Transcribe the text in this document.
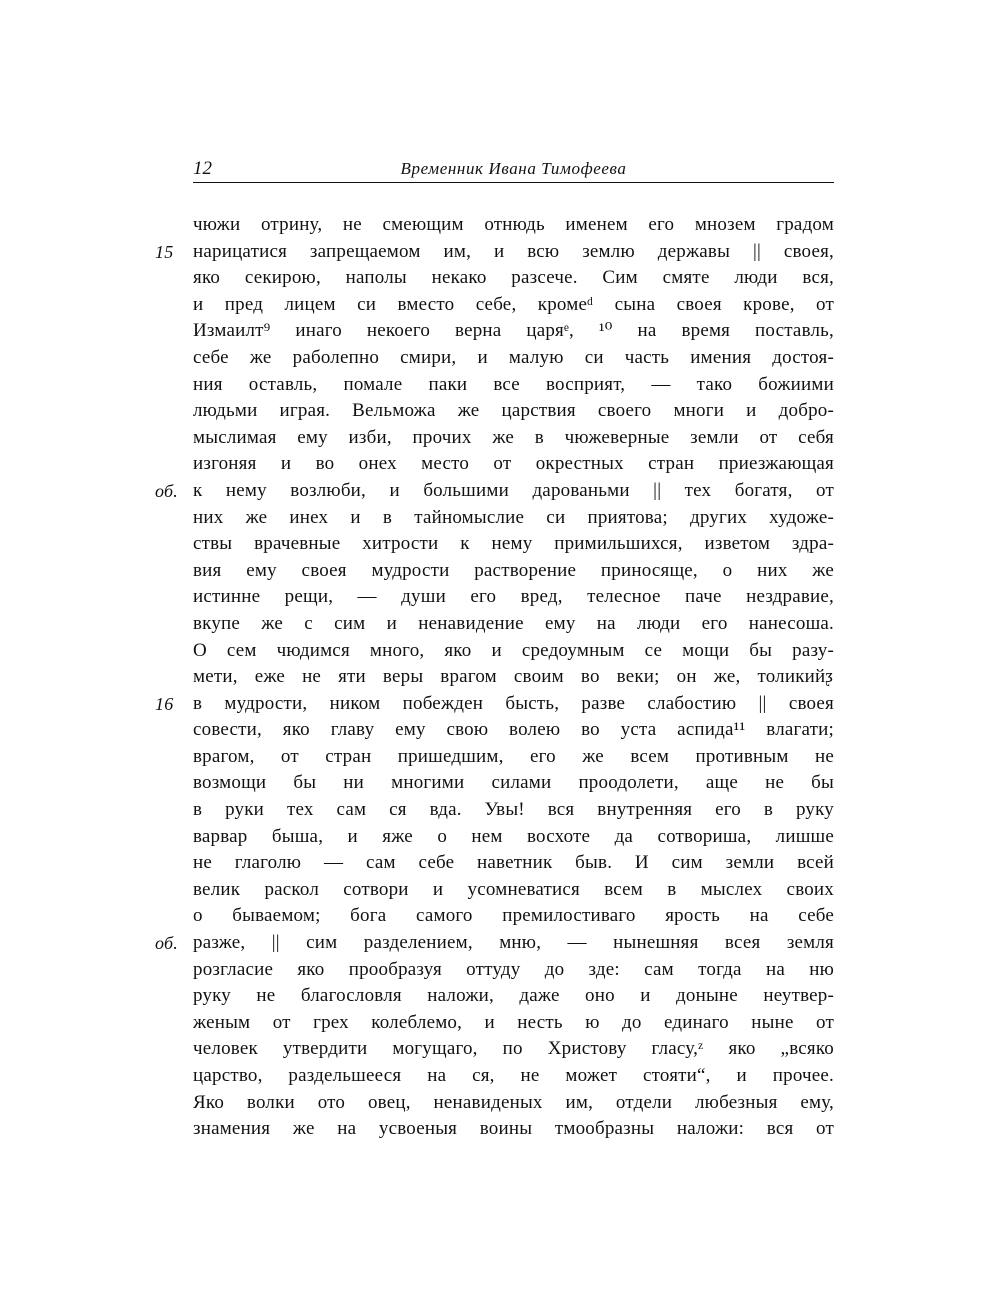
12	Временник Ивана Тимофеева
чюжи отрину, не смеющим отнюдь именем его мнозем градом
нарицатися запрещаемом им, и всю землю державы || своея,
15
яко секирою, наполы некако разсече. Сим смяте люди вся,
и пред лицем си вместо себе, кромеᵈ сына своея крове, от
Измаилт⁹ инаго некоего верна царяᵉ, ¹⁰ на время поставль,
себе же раболепно смири, и малую си часть имения достоя-
ния оставль, помале паки все восприят, — тако божиими
людьми играя. Вельможа же царствия своего многи и добро-
мыслимая ему изби, прочих же в чюжеверные земли от себя
изгоняя и во онех место от окрестных стран приезжающая
к нему возлюби, и большими дарованьми || тех богатя, от
об.
них же инех и в тайномыслие си приятова; других художе-
ствы врачевные хитрости к нему примильшихся, изветом здра-
вия ему своея мудрости растворение приносяще, о них же
истинне рещи, — души его вред, телесное паче нездравие,
вкупе же с сим и ненавидение ему на люди его нанесоша.
О сем чюдимся много, яко и средоумным се мощи бы разу-
мети, еже не яти веры врагом своим во веки; он же, толикийᶚ
в мудрости, ником побежден бысть, разве слабостию || своея
16
совести, яко главу ему свою волею во уста аспида¹¹ влагати;
врагом, от стран пришедшим, его же всем противным не
возмощи бы ни многими силами проодолети, аще не бы
в руки тех сам ся вда. Увы! вся внутренняя его в руку
варвар быша, и яже о нем восхоте да сотвориша, лишше
не глаголю — сам себе наветник быв. И сим земли всей
велик раскол сотвори и усомневатися всем в мыслех своих
о бываемом; бога самого премилостиваго ярость на себе
разже, || сим разделением, мню, — нынешняя всея земля
об.
розгласие яко прообразуя оттуду до зде: сам тогда на ню
руку не благословля наложи, даже оно и доныне неутвер-
женым от грех колеблемо, и несть ю до единаго ныне от
человек утвердити могущаго, по Христову гласу,ᶻ яко „всяко
царство, раздельшееся на ся, не может стояти“, и прочее.
Яко волки ото овец, ненавиденых им, отдели любезныя ему,
знамения же на усвоеныя воины тмообразны наложи: вся от
